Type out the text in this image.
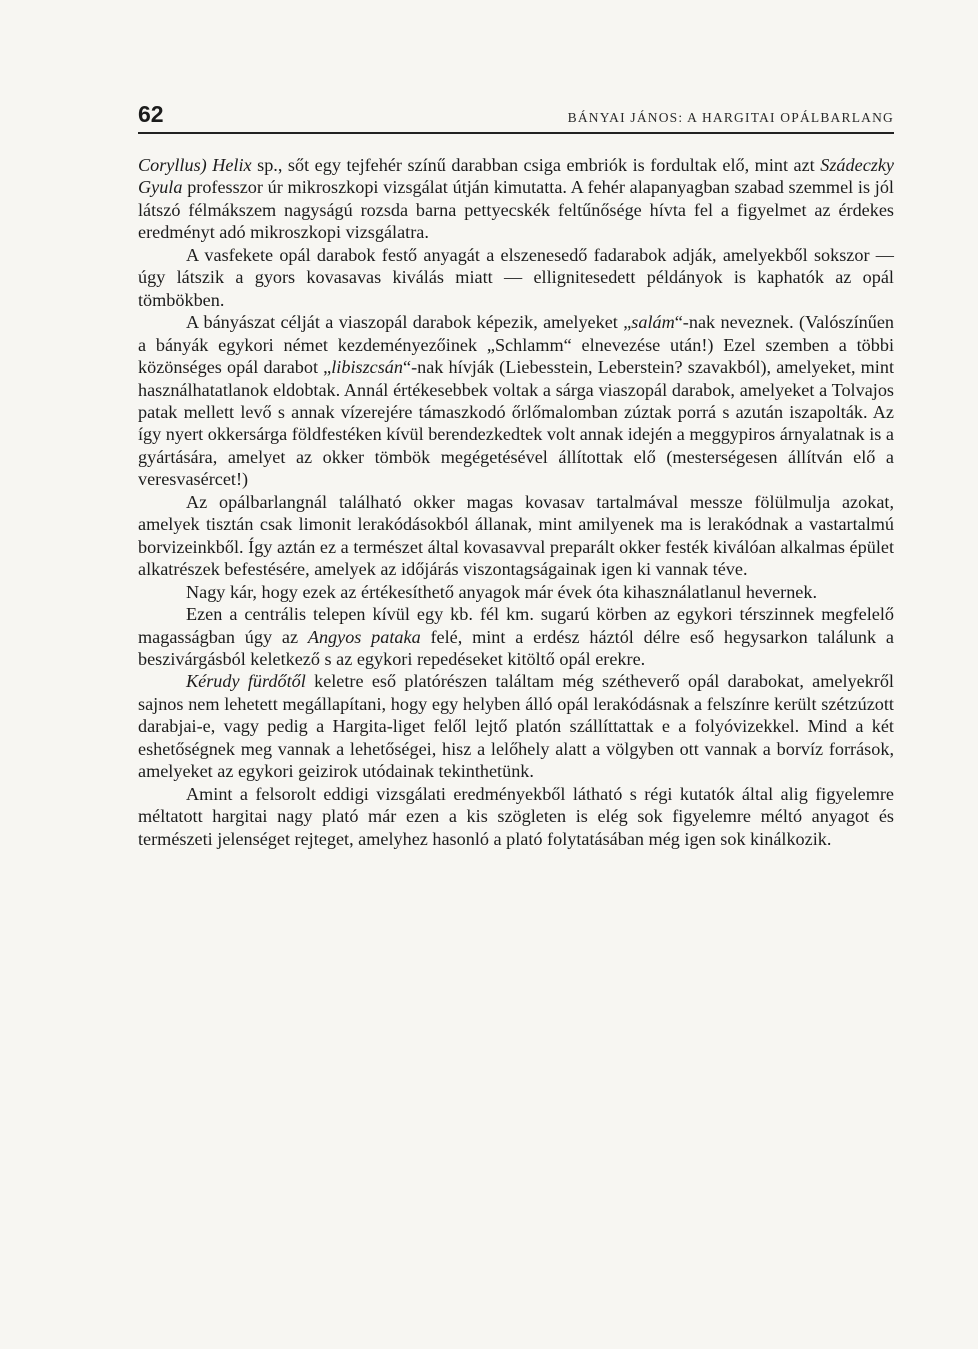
62	BÁNYAI JÁNOS: A HARGITAI OPÁLBARLANG

Coryllus) Helix sp., sőt egy tejfehér színű darabban csiga embriók is fordultak elő, mint azt Szádeczky Gyula professzor úr mikroszkopi vizsgálat útján kimutatta. A fehér alapanyagban szabad szemmel is jól látszó félmákszem nagyságú rozsda barna pettyecskék feltűnősége hívta fel a figyelmet az érdekes eredményt adó mikroszkopi vizsgálatra.

A vasfekete opál darabok festő anyagát a elszenesedő fadarabok adják, amelyekből sokszor — úgy látszik a gyors kovasavas kiválás miatt — ellignitesedett példányok is kaphatók az opál tömbökben.

A bányászat célját a viaszopál darabok képezik, amelyeket „salám“-nak neveznek. (Valószínűen a bányák egykori német kezdeményezőinek „Schlamm“ elnevezése után!) Ezel szemben a többi közönséges opál darabot „libiszcsán“-nak hívják (Liebesstein, Leberstein? szavakból), amelyeket, mint használhatatlanok eldobtak. Annál értékesebbek voltak a sárga viaszopál darabok, amelyeket a Tolvajos patak mellett levő s annak vízerejére támaszkodó őrlőmalomban zúztak porrá s azután iszapolták. Az így nyert okkersárga földfestéken kívül berendezkedtek volt annak idején a meggypiros árnyalatnak is a gyártására, amelyet az okker tömbök megégetésével állítottak elő (mesterségesen állítván elő a veresvasércet!)

Az opálbarlangnál található okker magas kovasav tartalmával messze fölülmulja azokat, amelyek tisztán csak limonit lerakódásokból állanak, mint amilyenek ma is lerakódnak a vastartalmú borvizeinkből. Így aztán ez a természet által kovasavval preparált okker festék kiválóan alkalmas épület alkatrészek befestésére, amelyek az időjárás viszontagságainak igen ki vannak téve.

Nagy kár, hogy ezek az értékesíthető anyagok már évek óta kihasználatlanul hevernek.

Ezen a centrális telepen kívül egy kb. fél km. sugarú körben az egykori térszinnek megfelelő magasságban úgy az Angyos pataka felé, mint a erdész háztól délre eső hegysarkon találunk a beszivárgásból keletkező s az egykori repedéseket kitöltő opál erekre.

Kérudy fürdőtől keletre eső platórészen találtam még szétheverő opál darabokat, amelyekről sajnos nem lehetett megállapítani, hogy egy helyben álló opál lerakódásnak a felszínre került szétzúzott darabjai-e, vagy pedig a Hargita-liget felől lejtő platón szállíttattak e a folyóvizekkel. Mind a két eshetőségnek meg vannak a lehetőségei, hisz a lelőhely alatt a völgyben ott vannak a borvíz források, amelyeket az egykori geizirok utódainak tekinthetünk.

Amint a felsorolt eddigi vizsgálati eredményekből látható s régi kutatók által alig figyelemre méltatott hargitai nagy plató már ezen a kis szögleten is elég sok figyelemre méltó anyagot és természeti jelenséget rejteget, amelyhez hasonló a plató folytatásában még igen sok kinálkozik.
